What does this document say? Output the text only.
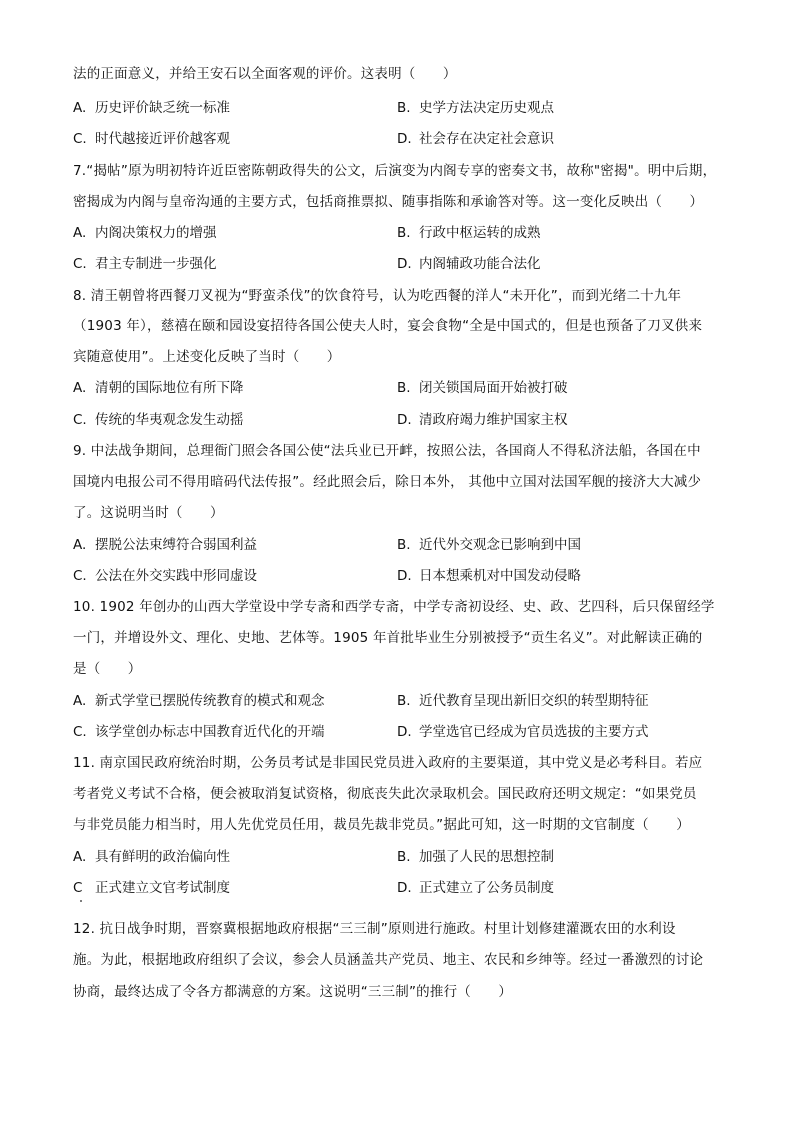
法的正面意义，并给王安石以全面客观的评价。这表明（　　）
A. 历史评价缺乏统一标准	B. 史学方法决定历史观点
C. 时代越接近评价越客观	D. 社会存在决定社会意识
7.“揭帖”原为明初特许近臣密陈朝政得失的公文，后演变为内阁专享的密奏文书，故称"密揭"。明中后期，
密揭成为内阁与皇帝沟通的主要方式，包括商推票拟、随事指陈和承谕答对等。这一变化反映出（　　）
A. 内阁决策权力的增强	B. 行政中枢运转的成熟
C. 君主专制进一步强化	D. 内阁辅政功能合法化
8. 清王朝曾将西餐刀叉视为“野蛮杀伐”的饮食符号，认为吃西餐的洋人“未开化”，而到光绪二十九年
（1903 年），慈禧在颐和园设宴招待各国公使夫人时，宴会食物“全是中国式的，但是也预备了刀叉供来
宾随意使用”。上述变化反映了当时（　　）
A. 清朝的国际地位有所下降	B. 闭关锁国局面开始被打破
C. 传统的华夷观念发生动摇	D. 清政府竭力维护国家主权
9. 中法战争期间，总理衙门照会各国公使“法兵业已开衅，按照公法，各国商人不得私济法船，各国在中
国境内电报公司不得用暗码代法传报”。经此照会后，除日本外， 其他中立国对法国军舰的接济大大减少
了。这说明当时（　　）
A. 摆脱公法束缚符合弱国利益	B. 近代外交观念已影响到中国
C. 公法在外交实践中形同虚设	D. 日本想乘机对中国发动侵略
10. 1902 年创办的山西大学堂设中学专斋和西学专斋，中学专斋初设经、史、政、艺四科，后只保留经学
一门，并增设外文、理化、史地、艺体等。1905 年首批毕业生分别被授予“贡生名义”。对此解读正确的
是（　　）
A. 新式学堂已摆脱传统教育的模式和观念	B. 近代教育呈现出新旧交织的转型期特征
C. 该学堂创办标志中国教育近代化的开端	D. 学堂选官已经成为官员选拔的主要方式
11. 南京国民政府统治时期，公务员考试是非国民党员进入政府的主要渠道，其中党义是必考科目。若应
考者党义考试不合格，便会被取消复试资格，彻底丧失此次录取机会。国民政府还明文规定：“如果党员
与非党员能力相当时，用人先优党员任用，裁员先裁非党员。”据此可知，这一时期的文官制度（　　）
A. 具有鲜明的政治偏向性	B. 加强了人民的思想控制
C 正式建立文官考试制度	D. 正式建立了公务员制度
12. 抗日战争时期，晋察冀根据地政府根据“三三制”原则进行施政。村里计划修建灌溉农田的水利设
施。为此，根据地政府组织了会议，参会人员涵盖共产党员、地主、农民和乡绅等。经过一番激烈的讨论
协商，最终达成了令各方都满意的方案。这说明“三三制”的推行（　　）
